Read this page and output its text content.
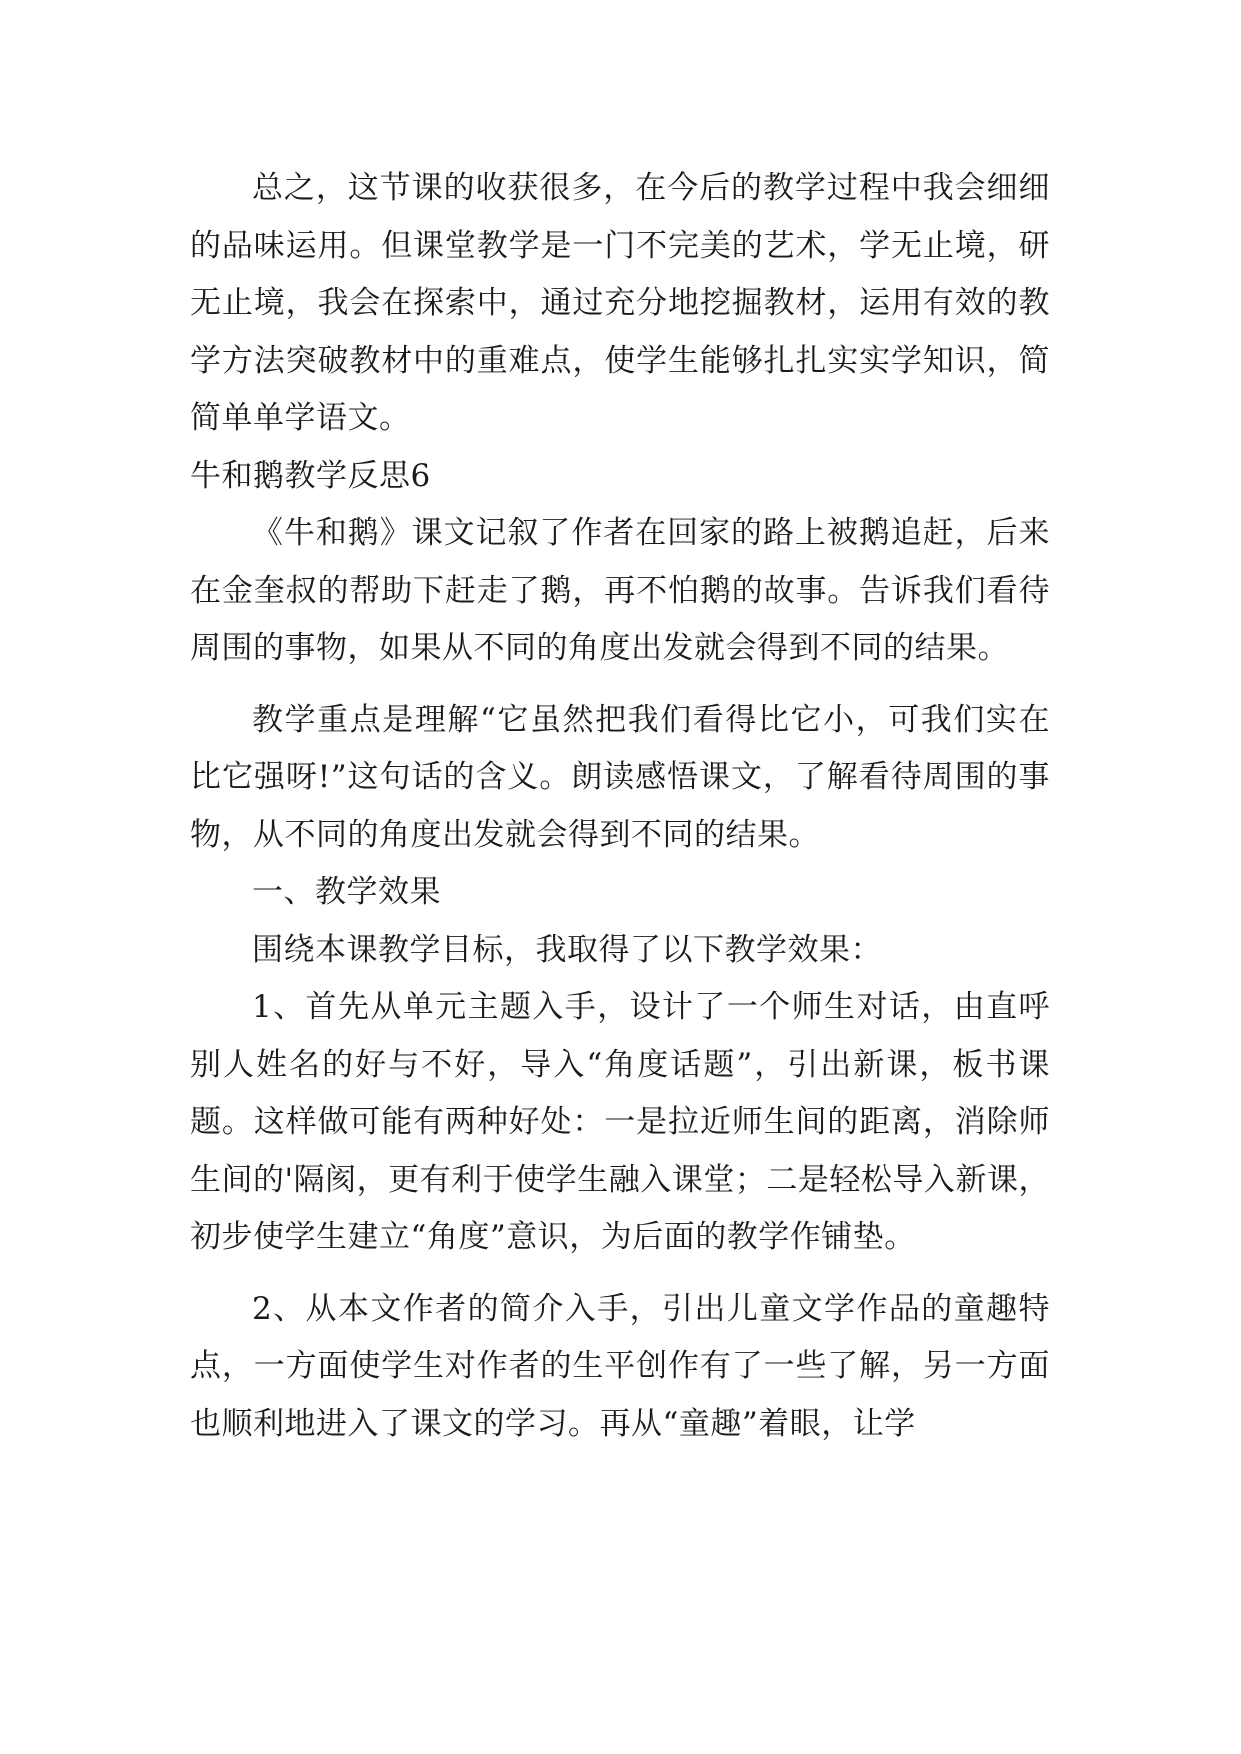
总之，这节课的收获很多，在今后的教学过程中我会细细的品味运用。但课堂教学是一门不完美的艺术，学无止境，研无止境，我会在探索中，通过充分地挖掘教材，运用有效的教学方法突破教材中的重难点，使学生能够扎扎实实学知识，简简单单学语文。

牛和鹅教学反思6

《牛和鹅》课文记叙了作者在回家的路上被鹅追赶，后来在金奎叔的帮助下赶走了鹅，再不怕鹅的故事。告诉我们看待周围的事物，如果从不同的角度出发就会得到不同的结果。

教学重点是理解“它虽然把我们看得比它小，可我们实在比它强呀!”这句话的含义。朗读感悟课文，了解看待周围的事物，从不同的角度出发就会得到不同的结果。

一、教学效果

围绕本课教学目标，我取得了以下教学效果：

1、首先从单元主题入手，设计了一个师生对话，由直呼别人姓名的好与不好，导入“角度话题”，引出新课，板书课题。这样做可能有两种好处：一是拉近师生间的距离，消除师生间的'隔阂，更有利于使学生融入课堂；二是轻松导入新课，初步使学生建立“角度”意识，为后面的教学作铺垫。

2、从本文作者的简介入手，引出儿童文学作品的童趣特点，一方面使学生对作者的生平创作有了一些了解，另一方面也顺利地进入了课文的学习。再从“童趣”着眼，让学
